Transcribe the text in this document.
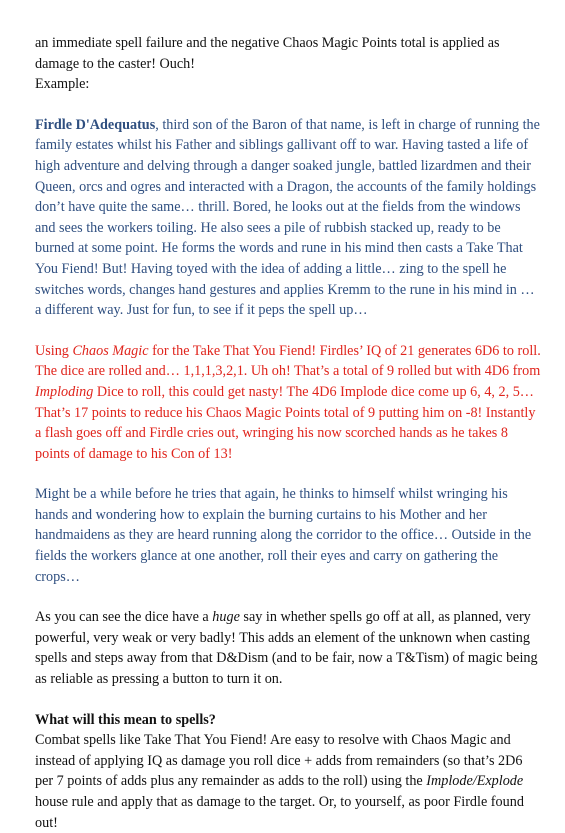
an immediate spell failure and the negative Chaos Magic Points total is applied as damage to the caster! Ouch!
Example:

Firdle D'Adequatus, third son of the Baron of that name, is left in charge of running the family estates whilst his Father and siblings gallivant off to war. Having tasted a life of high adventure and delving through a danger soaked jungle, battled lizardmen and their Queen, orcs and ogres and interacted with a Dragon, the accounts of the family holdings don’t have quite the same… thrill. Bored, he looks out at the fields from the windows and sees the workers toiling. He also sees a pile of rubbish stacked up, ready to be burned at some point. He forms the words and rune in his mind then casts a Take That You Fiend! But! Having toyed with the idea of adding a little… zing to the spell he switches words, changes hand gestures and applies Kremm to the rune in his mind in … a different way. Just for fun, to see if it peps the spell up…

Using Chaos Magic for the Take That You Fiend! Firdles’ IQ of 21 generates 6D6 to roll. The dice are rolled and… 1,1,1,3,2,1. Uh oh! That’s a total of 9 rolled but with 4D6 from Imploding Dice to roll, this could get nasty! The 4D6 Implode dice come up 6, 4, 2, 5… That’s 17 points to reduce his Chaos Magic Points total of 9 putting him on -8! Instantly a flash goes off and Firdle cries out, wringing his now scorched hands as he takes 8 points of damage to his Con of 13!

Might be a while before he tries that again, he thinks to himself whilst wringing his hands and wondering how to explain the burning curtains to his Mother and her handmaidens as they are heard running along the corridor to the office… Outside in the fields the workers glance at one another, roll their eyes and carry on gathering the crops…

As you can see the dice have a huge say in whether spells go off at all, as planned, very powerful, very weak or very badly! This adds an element of the unknown when casting spells and steps away from that D&Dism (and to be fair, now a T&Tism) of magic being as reliable as pressing a button to turn it on.

What will this mean to spells?

Combat spells like Take That You Fiend! Are easy to resolve with Chaos Magic and instead of applying IQ as damage you roll dice + adds from remainders (so that’s 2D6 per 7 points of adds plus any remainder as adds to the roll) using the Implode/Explode house rule and apply that as damage to the target. Or, to yourself, as poor Firdle found out!
